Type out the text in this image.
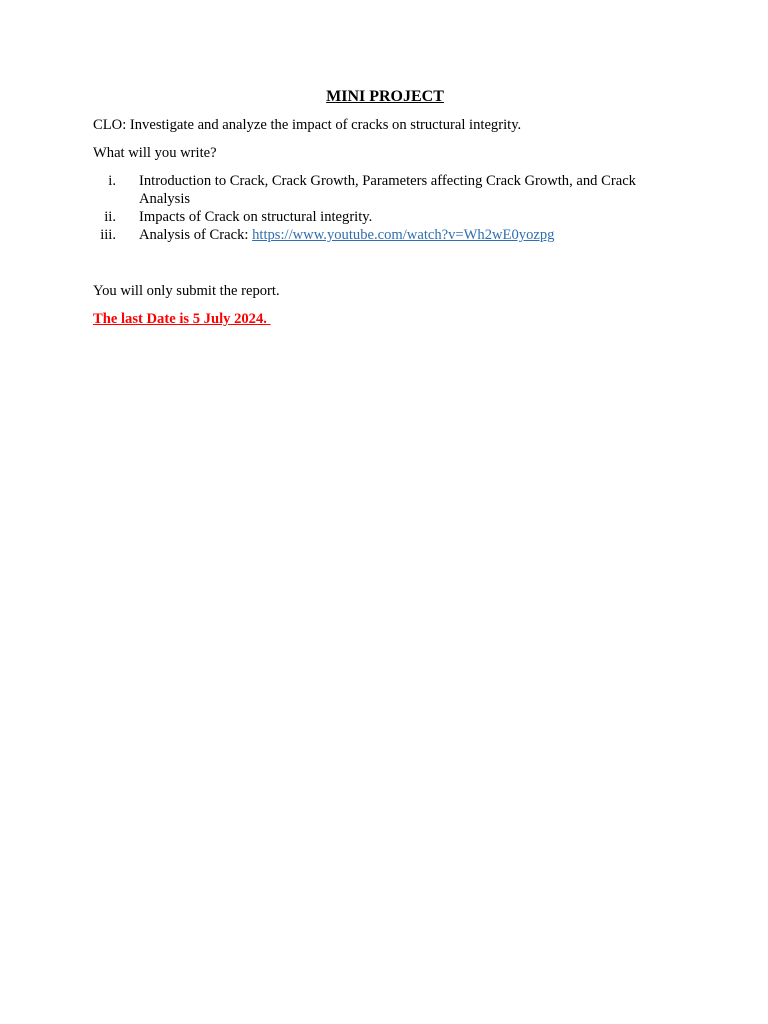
MINI PROJECT

CLO: Investigate and analyze the impact of cracks on structural integrity.

What will you write?

i. Introduction to Crack, Crack Growth, Parameters affecting Crack Growth, and Crack Analysis
ii. Impacts of Crack on structural integrity.
iii. Analysis of Crack: https://www.youtube.com/watch?v=Wh2wE0yozpg

You will only submit the report.

The last Date is 5 July 2024.
